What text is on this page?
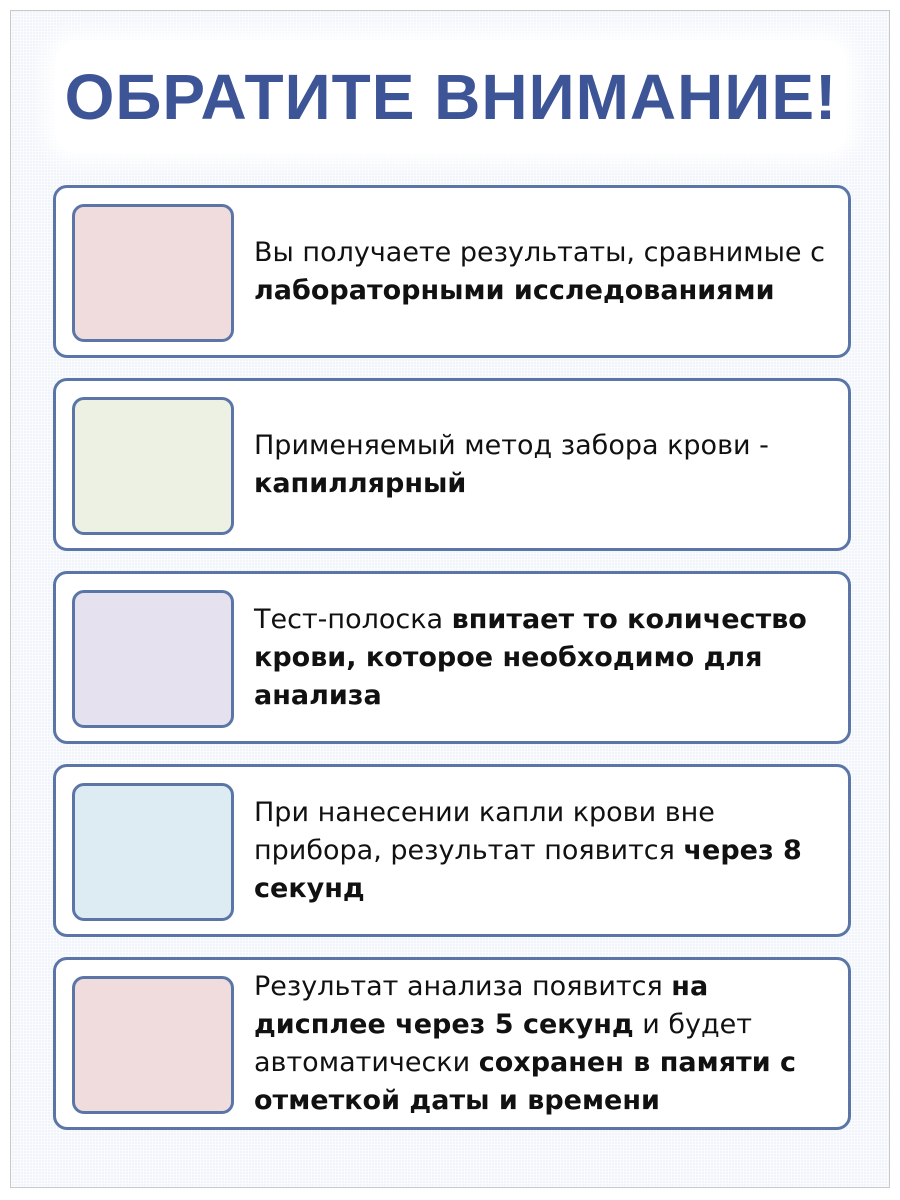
ОБРАТИТЕ ВНИМАНИЕ!

Вы получаете результаты, сравнимые с лабораторными исследованиями

Применяемый метод забора крови - капиллярный

Тест-полоска впитает то количество крови, которое необходимо для анализа

При нанесении капли крови вне прибора, результат появится через 8 секунд

Результат анализа появится на дисплее через 5 секунд и будет автоматически сохранен в памяти с отметкой даты и времени
